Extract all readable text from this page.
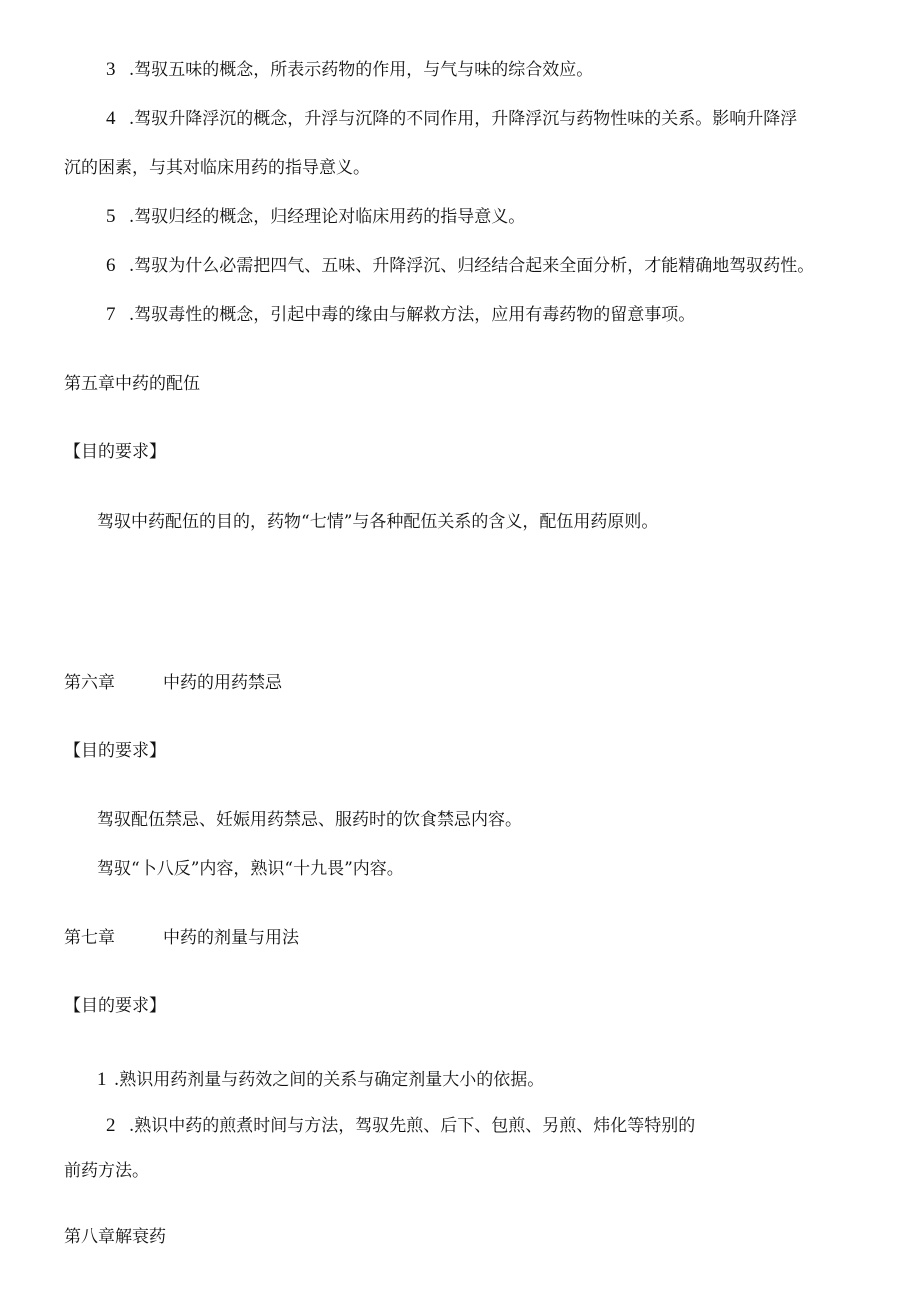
3 .驾驭五味的概念，所表示药物的作用，与气与味的综合效应。
4 .驾驭升降浮沉的概念，升浮与沉降的不同作用，升降浮沉与药物性味的关系。影响升降浮
沉的困素，与其对临床用药的指导意义。
5 .驾驭归经的概念，归经理论对临床用药的指导意义。
6 .驾驭为什么必需把四气、五味、升降浮沉、归经结合起来全面分析，才能精确地驾驭药性。
7 .驾驭毒性的概念，引起中毒的缘由与解救方法，应用有毒药物的留意事项。
第五章中药的配伍
【目的要求】
驾驭中药配伍的目的，药物“七情”与各种配伍关系的含义，配伍用药原则。
第六章	中药的用药禁忌
【目的要求】
驾驭配伍禁忌、妊娠用药禁忌、服药时的饮食禁忌内容。
驾驭“卜八反”内容，熟识“十九畏”内容。
第七章	中药的剂量与用法
【目的要求】
1 .熟识用药剂量与药效之间的关系与确定剂量大小的依据。
2 .熟识中药的煎煮时间与方法，驾驭先煎、后下、包煎、另煎、炜化等特别的
前药方法。
第八章解衰药
